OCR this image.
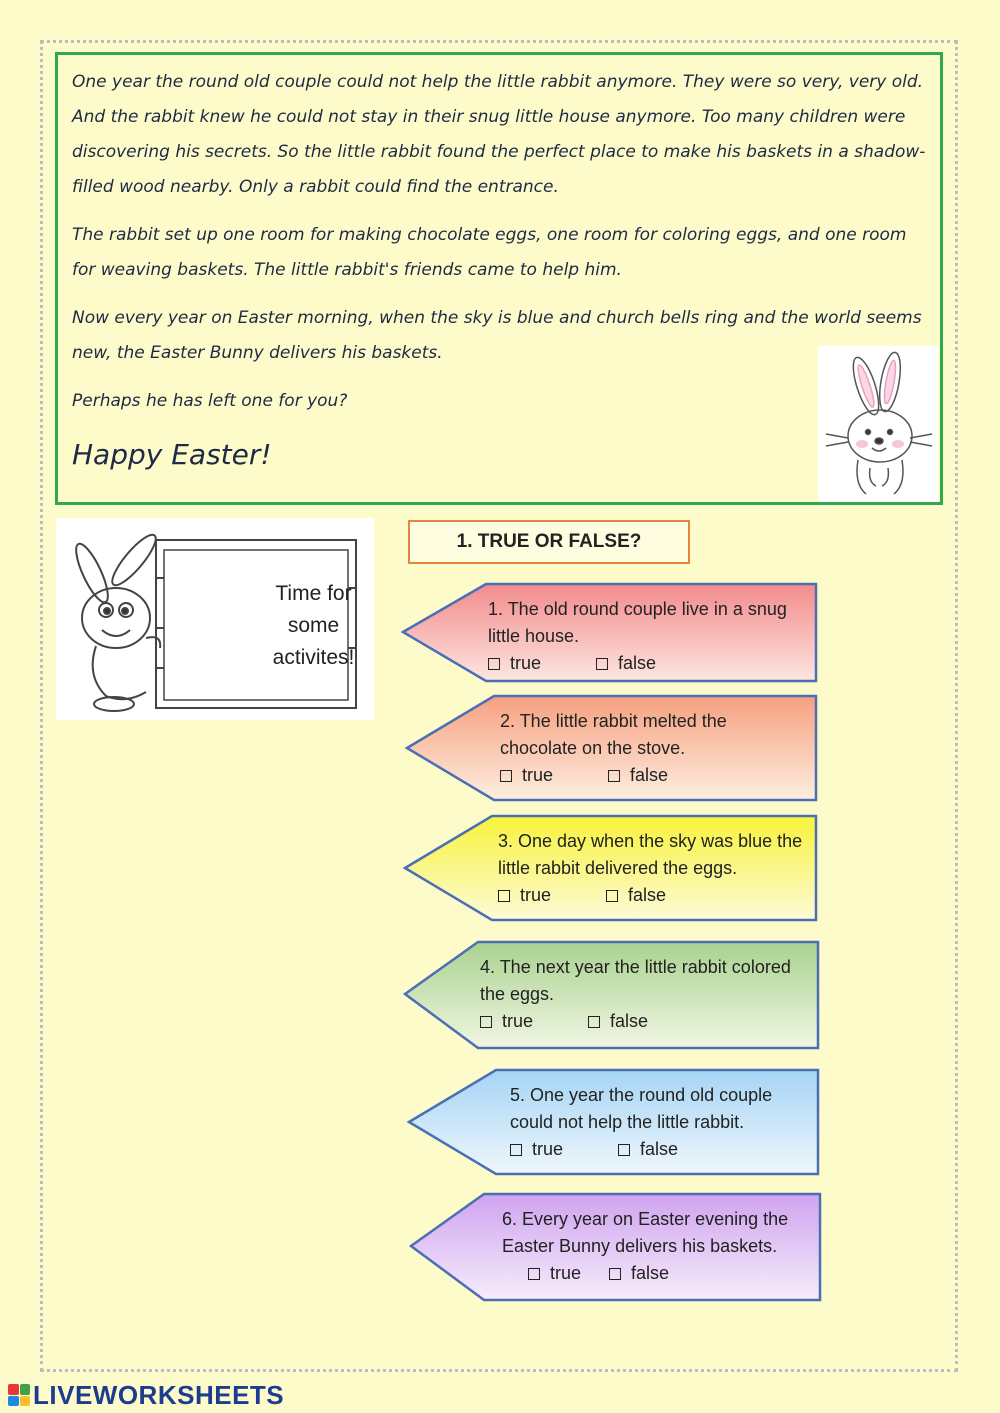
One year the round old couple could not help the little rabbit anymore. They were so very, very old. And the rabbit knew he could not stay in their snug little house anymore. Too many children were discovering his secrets. So the little rabbit found the perfect place to make his baskets in a shadow-filled wood nearby. Only a rabbit could find the entrance.

The rabbit set up one room for making chocolate eggs, one room for coloring eggs, and one room for weaving baskets. The little rabbit's friends came to help him.

Now every year on Easter morning, when the sky is blue and church bells ring and the world seems new, the Easter Bunny delivers his baskets.

Perhaps he has left one for you?

Happy Easter!

Time for
some
activites!
1. TRUE OR FALSE?
1. The old round couple live in a snug little house.
true	false
2. The little rabbit melted the chocolate on the stove.
true	false
3. One day when the sky was blue the little rabbit delivered the eggs.
true	false
4. The next year the little rabbit colored the eggs.
true	false
5. One year the round old couple could not help the little rabbit.
true	false
6. Every year on Easter evening the Easter Bunny delivers his baskets.
true	false
LIVEWORKSHEETS
